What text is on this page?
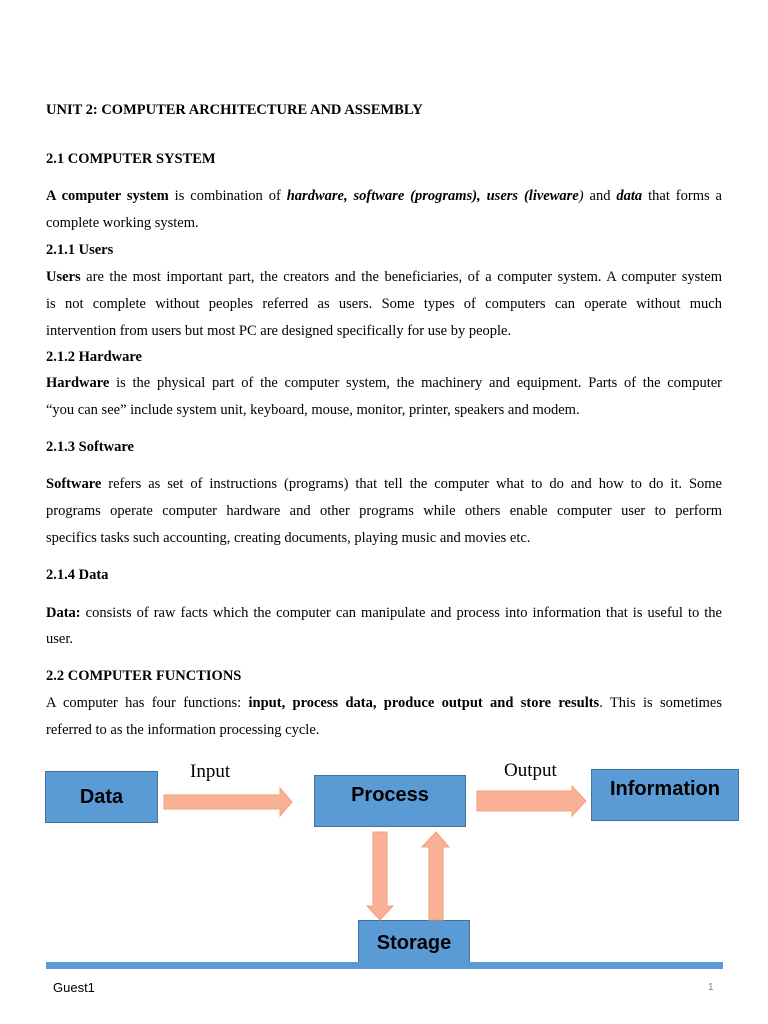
UNIT 2: COMPUTER ARCHITECTURE AND ASSEMBLY
2.1 COMPUTER SYSTEM
A computer system is combination of hardware, software (programs), users (liveware) and data that forms a
complete working system.
2.1.1 Users
Users are the most important part, the creators and the beneficiaries, of a computer system. A computer system
is not complete without peoples referred as users. Some types of computers can operate without much
intervention from users but most PC are designed specifically for use by people.
2.1.2 Hardware
Hardware is the physical part of the computer system, the machinery and equipment. Parts of the computer
“you can see” include system unit, keyboard, mouse, monitor, printer, speakers and modem.
2.1.3 Software
Software refers as set of instructions (programs) that tell the computer what to do and how to do it. Some
programs operate computer hardware and other programs while others enable computer user to perform
specifics tasks such accounting, creating documents, playing music and movies etc.
2.1.4 Data
Data: consists of raw facts which the computer can manipulate and process into information that is useful to the
user.
2.2 COMPUTER FUNCTIONS
A computer has four functions: input, process data, produce output and store results. This is sometimes
referred to as the information processing cycle.
Data	Process	Information
Storage
Input	Output
Guest1	1
